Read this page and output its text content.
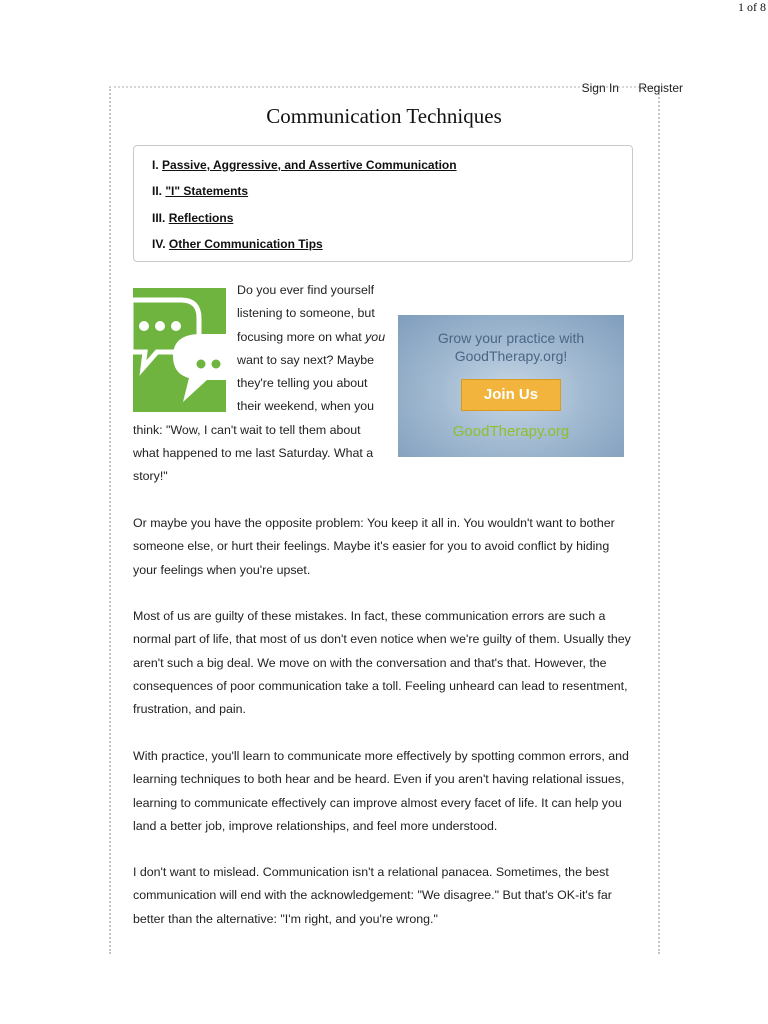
1 of 8
Sign In Register
Communication Techniques
I. Passive, Aggressive, and Assertive Communication
II. "I" Statements
III. Reflections
IV. Other Communication Tips
Grow your practice with
GoodTherapy.org!
Join Us
GoodTherapy.org
Do you ever find yourself listening to someone, but focusing more on what you want to say next? Maybe they're telling you about their weekend, when you think: "Wow, I can't wait to tell them about what happened to me last Saturday. What a story!"
Or maybe you have the opposite problem: You keep it all in. You wouldn't want to bother someone else, or hurt their feelings. Maybe it's easier for you to avoid conflict by hiding your feelings when you're upset.
Most of us are guilty of these mistakes. In fact, these communication errors are such a normal part of life, that most of us don't even notice when we're guilty of them. Usually they aren't such a big deal. We move on with the conversation and that's that. However, the consequences of poor communication take a toll. Feeling unheard can lead to resentment, frustration, and pain.
With practice, you'll learn to communicate more effectively by spotting common errors, and learning techniques to both hear and be heard. Even if you aren't having relational issues, learning to communicate effectively can improve almost every facet of life. It can help you land a better job, improve relationships, and feel more understood.
I don't want to mislead. Communication isn't a relational panacea. Sometimes, the best communication will end with the acknowledgement: "We disagree." But that's OK-it's far better than the alternative: "I'm right, and you're wrong."
